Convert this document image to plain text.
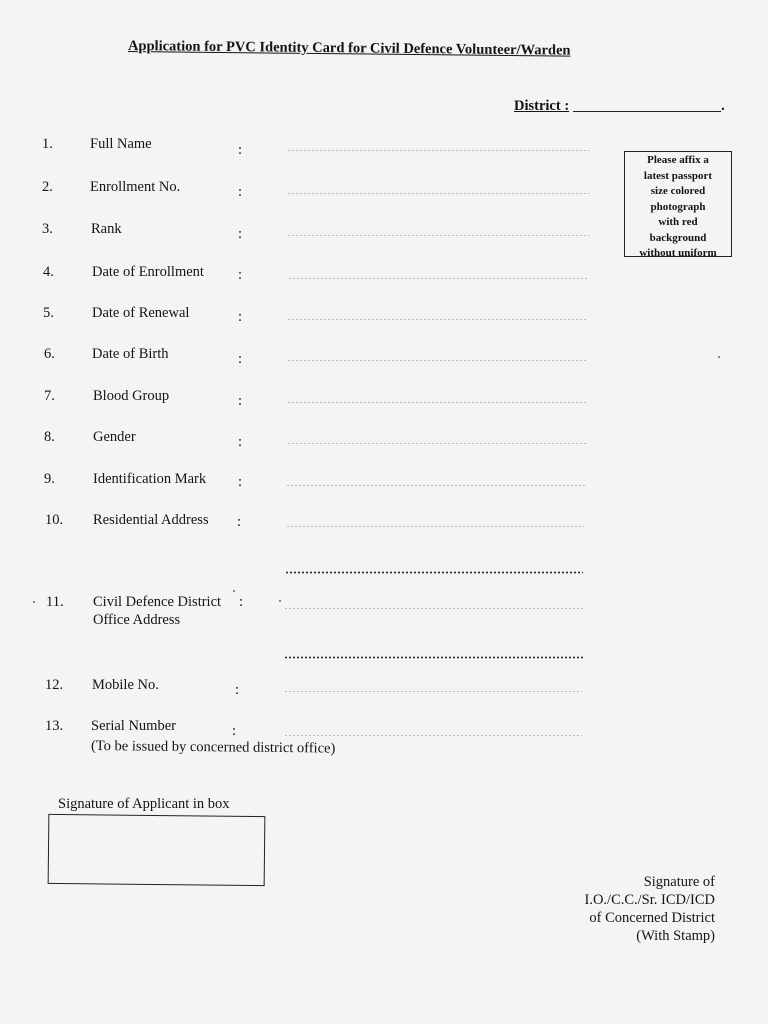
Application for PVC Identity Card for Civil Defence Volunteer/Warden
District :	.
1.	Full Name	:
2.	Enrollment No.	:
3.	Rank	:
4.	Date of Enrollment :
5.	Date of Renewal	:
6.	Date of Birth	:
7.	Blood Group	:
8.	Gender	:
9.	Identification Mark :
10. Residential Address :
11. Civil Defence District :
Office Address
12. Mobile No.	:
13. Serial Number	:
(To be issued by concerned district office)
Please affix a
latest passport
size colored
photograph
with red
background
without uniform
Signature of Applicant in box
Signature of
I.O./C.C./Sr. ICD/ICD
of Concerned District
(With Stamp)
